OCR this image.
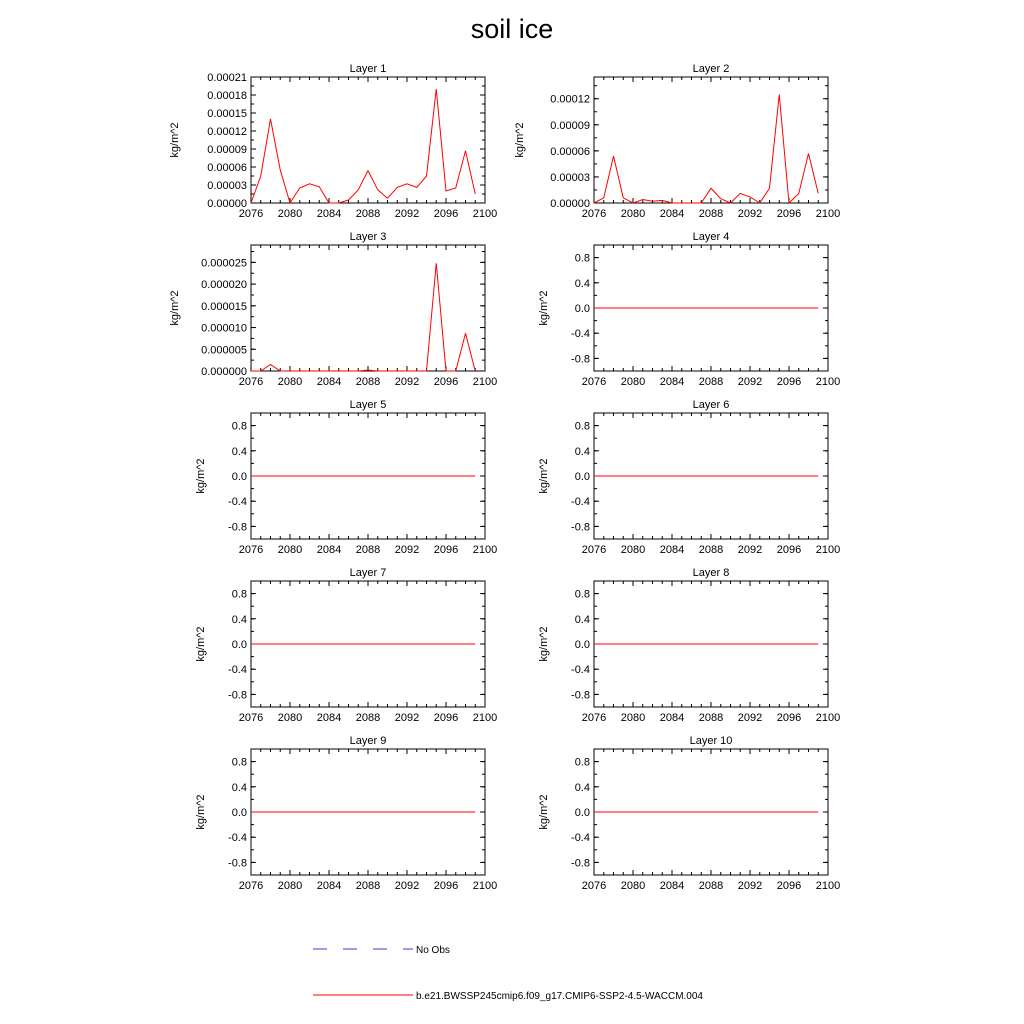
soil ice
Layer 1
kg/m^2
2076 2080 2084 2088 2092 2096 2100
0.00000
0.00003
0.00006
0.00009
0.00012
0.00015
0.00018
0.00021
Layer 2
kg/m^2
2076 2080 2084 2088 2092 2096 2100
0.00000
0.00003
0.00006
0.00009
0.00012
Layer 3
kg/m^2
2076 2080 2084 2088 2092 2096 2100
0.000000
0.000005
0.000010
0.000015
0.000020
0.000025
Layer 4
kg/m^2
2076 2080 2084 2088 2092 2096 2100
-0.8
-0.4
0.0
0.4
0.8
Layer 5
kg/m^2
2076 2080 2084 2088 2092 2096 2100
-0.8
-0.4
0.0
0.4
0.8
Layer 6
kg/m^2
2076 2080 2084 2088 2092 2096 2100
-0.8
-0.4
0.0
0.4
0.8
Layer 7
kg/m^2
2076 2080 2084 2088 2092 2096 2100
-0.8
-0.4
0.0
0.4
0.8
Layer 8
kg/m^2
2076 2080 2084 2088 2092 2096 2100
-0.8
-0.4
0.0
0.4
0.8
Layer 9
kg/m^2
2076 2080 2084 2088 2092 2096 2100
-0.8
-0.4
0.0
0.4
0.8
Layer 10
kg/m^2
2076 2080 2084 2088 2092 2096 2100
-0.8
-0.4
0.0
0.4
0.8
No Obs
b.e21.BWSSP245cmip6.f09_g17.CMIP6-SSP2-4.5-WACCM.004
